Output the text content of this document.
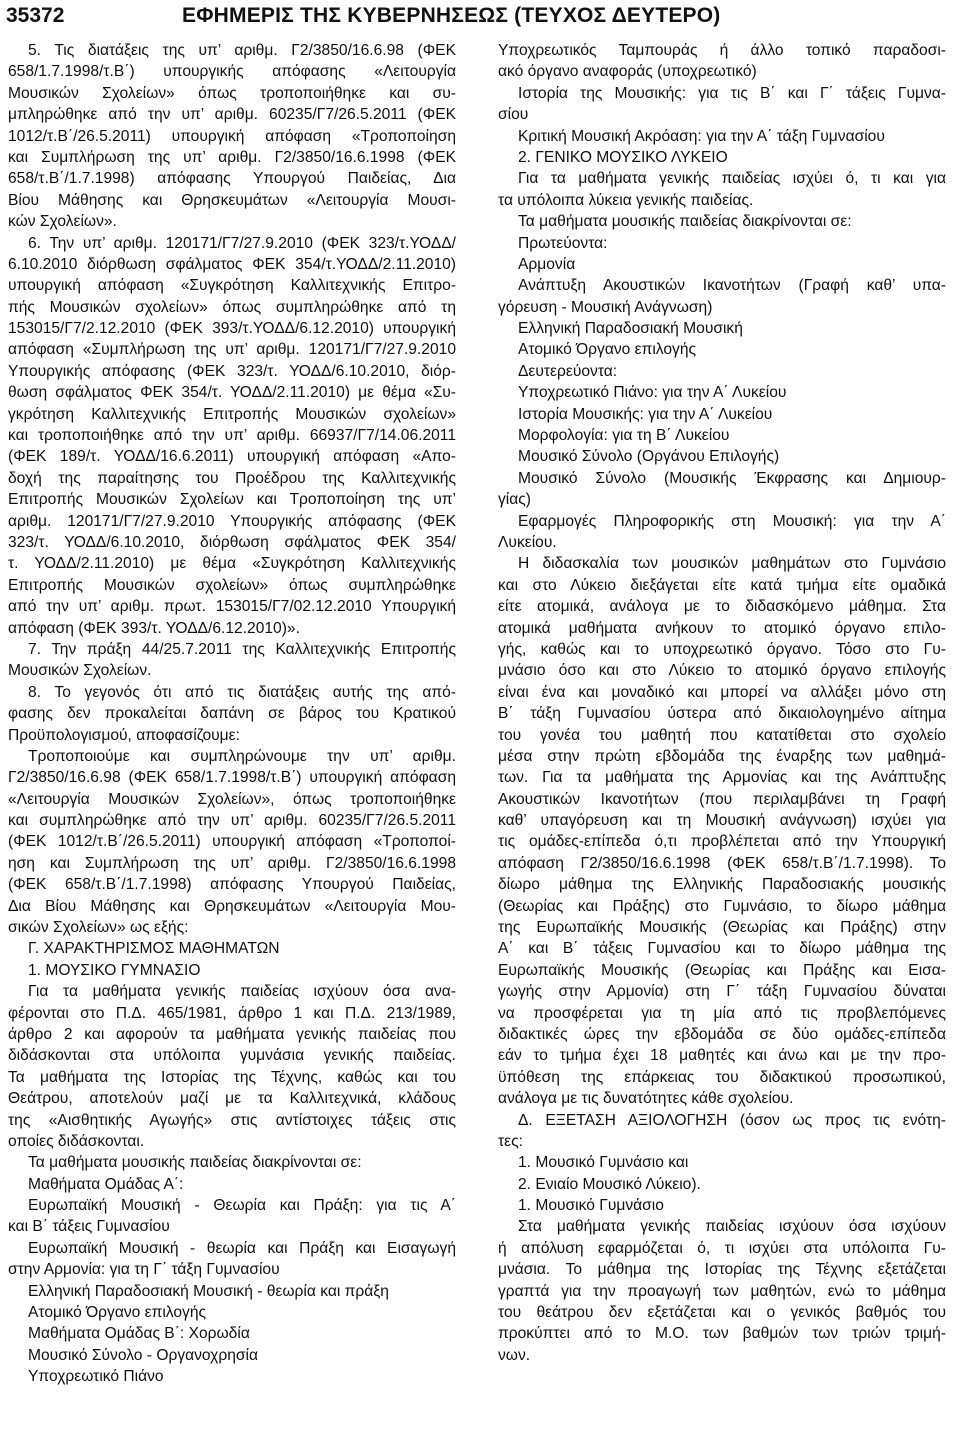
35372	ΕΦΗΜΕΡΙΣ ΤΗΣ ΚΥΒΕΡΝΗΣΕΩΣ (ΤΕΥΧΟΣ ΔΕΥΤΕΡΟ)
5. Τις διατάξεις της υπ’ αριθμ. Γ2/3850/16.6.98 (ΦΕΚ
658/1.7.1998/τ.Β΄) υπουργικής απόφασης «Λειτουργία
Μουσικών Σχολείων» όπως τροποποιήθηκε και συ-
μπληρώθηκε από την υπ’ αριθμ. 60235/Γ7/26.5.2011 (ΦΕΚ
1012/τ.Β΄/26.5.2011) υπουργική απόφαση «Τροποποίηση
και Συμπλήρωση της υπ’ αριθμ. Γ2/3850/16.6.1998 (ΦΕΚ
658/τ.Β΄/1.7.1998) απόφασης Υπουργού Παιδείας, Δια
Βίου Μάθησης και Θρησκευμάτων «Λειτουργία Μουσι-
κών Σχολείων».
6. Την υπ’ αριθμ. 120171/Γ7/27.9.2010 (ΦΕΚ 323/τ.ΥΟΔΔ/
6.10.2010 διόρθωση σφάλματος ΦΕΚ 354/τ.ΥΟΔΔ/2.11.2010)
υπουργική απόφαση «Συγκρότηση Καλλιτεχνικής Επιτρο-
πής Μουσικών σχολείων» όπως συμπληρώθηκε από τη
153015/Γ7/2.12.2010 (ΦΕΚ 393/τ.ΥΟΔΔ/6.12.2010) υπουργική
απόφαση «Συμπλήρωση της υπ’ αριθμ. 120171/Γ7/27.9.2010
Υπουργικής απόφασης (ΦΕΚ 323/τ. ΥΟΔΔ/6.10.2010, διόρ-
θωση σφάλματος ΦΕΚ 354/τ. ΥΟΔΔ/2.11.2010) με θέμα «Συ-
γκρότηση Καλλιτεχνικής Επιτροπής Μουσικών σχολείων»
και τροποποιήθηκε από την υπ’ αριθμ. 66937/Γ7/14.06.2011
(ΦΕΚ 189/τ. ΥΟΔΔ/16.6.2011) υπουργική απόφαση «Απο-
δοχή της παραίτησης του Προέδρου της Καλλιτεχνικής
Επιτροπής Μουσικών Σχολείων και Τροποποίηση της υπ’
αριθμ. 120171/Γ7/27.9.2010 Υπουργικής απόφασης (ΦΕΚ
323/τ. ΥΟΔΔ/6.10.2010, διόρθωση σφάλματος ΦΕΚ 354/
τ. ΥΟΔΔ/2.11.2010) με θέμα «Συγκρότηση Καλλιτεχνικής
Επιτροπής Μουσικών σχολείων» όπως συμπληρώθηκε
από την υπ’ αριθμ. πρωτ. 153015/Γ7/02.12.2010 Υπουργική
απόφαση (ΦΕΚ 393/τ. ΥΟΔΔ/6.12.2010)».
7. Την πράξη 44/25.7.2011 της Καλλιτεχνικής Επιτροπής
Μουσικών Σχολείων.
8. Το γεγονός ότι από τις διατάξεις αυτής της από-
φασης δεν προκαλείται δαπάνη σε βάρος του Κρατικού
Προϋπολογισμού, αποφασίζουμε:
Τροποποιούμε και συμπληρώνουμε την υπ’ αριθμ.
Γ2/3850/16.6.98 (ΦΕΚ 658/1.7.1998/τ.Β΄) υπουργική απόφαση
«Λειτουργία Μουσικών Σχολείων», όπως τροποποιήθηκε
και συμπληρώθηκε από την υπ’ αριθμ. 60235/Γ7/26.5.2011
(ΦΕΚ 1012/τ.Β΄/26.5.2011) υπουργική απόφαση «Τροποποί-
ηση και Συμπλήρωση της υπ’ αριθμ. Γ2/3850/16.6.1998
(ΦΕΚ 658/τ.Β΄/1.7.1998) απόφασης Υπουργού Παιδείας,
Δια Βίου Μάθησης και Θρησκευμάτων «Λειτουργία Μου-
σικών Σχολείων» ως εξής:
Γ. ΧΑΡΑΚΤΗΡΙΣΜΟΣ ΜΑΘΗΜΑΤΩΝ
1. ΜΟΥΣΙΚΟ ΓΥΜΝΑΣΙΟ
Για τα μαθήματα γενικής παιδείας ισχύουν όσα ανα-
φέρονται στο Π.Δ. 465/1981, άρθρο 1 και Π.Δ. 213/1989,
άρθρο 2 και αφορούν τα μαθήματα γενικής παιδείας που
διδάσκονται στα υπόλοιπα γυμνάσια γενικής παιδείας.
Τα μαθήματα της Ιστορίας της Τέχνης, καθώς και του
Θεάτρου, αποτελούν μαζί με τα Καλλιτεχνικά, κλάδους
της «Αισθητικής Αγωγής» στις αντίστοιχες τάξεις στις
οποίες διδάσκονται.
Τα μαθήματα μουσικής παιδείας διακρίνονται σε:
Μαθήματα Ομάδας Α΄:
Ευρωπαϊκή Μουσική - Θεωρία και Πράξη: για τις Α΄
και Β΄ τάξεις Γυμνασίου
Ευρωπαϊκή Μουσική - θεωρία και Πράξη και Εισαγωγή
στην Αρμονία: για τη Γ΄ τάξη Γυμνασίου
Ελληνική Παραδοσιακή Μουσική - θεωρία και πράξη
Ατομικό Όργανο επιλογής
Μαθήματα Ομάδας Β΄: Χορωδία
Μουσικό Σύνολο - Οργανοχρησία
Υποχρεωτικό Πιάνο
Υποχρεωτικός Ταμπουράς ή άλλο τοπικό παραδοσι-
ακό όργανο αναφοράς (υποχρεωτικό)
Ιστορία της Μουσικής: για τις Β΄ και Γ΄ τάξεις Γυμνα-
σίου
Κριτική Μουσική Ακρόαση: για την Α΄ τάξη Γυμνασίου
2. ΓΕΝΙΚΟ ΜΟΥΣΙΚΟ ΛΥΚΕΙΟ
Για τα μαθήματα γενικής παιδείας ισχύει ό, τι και για
τα υπόλοιπα λύκεια γενικής παιδείας.
Τα μαθήματα μουσικής παιδείας διακρίνονται σε:
Πρωτεύοντα:
Αρμονία
Ανάπτυξη Ακουστικών Ικανοτήτων (Γραφή καθ’ υπα-
γόρευση - Μουσική Ανάγνωση)
Ελληνική Παραδοσιακή Μουσική
Ατομικό Όργανο επιλογής
Δευτερεύοντα:
Υποχρεωτικό Πιάνο: για την Α΄ Λυκείου
Ιστορία Μουσικής: για την Α΄ Λυκείου
Μορφολογία: για τη Β΄ Λυκείου
Μουσικό Σύνολο (Οργάνου Επιλογής)
Μουσικό Σύνολο (Μουσικής Έκφρασης και Δημιουρ-
γίας)
Εφαρμογές Πληροφορικής στη Μουσική: για την Α΄
Λυκείου.
Η διδασκαλία των μουσικών μαθημάτων στο Γυμνάσιο
και στο Λύκειο διεξάγεται είτε κατά τμήμα είτε ομαδικά
είτε ατομικά, ανάλογα με το διδασκόμενο μάθημα. Στα
ατομικά μαθήματα ανήκουν το ατομικό όργανο επιλο-
γής, καθώς και το υποχρεωτικό όργανο. Τόσο στο Γυ-
μνάσιο όσο και στο Λύκειο το ατομικό όργανο επιλογής
είναι ένα και μοναδικό και μπορεί να αλλάξει μόνο στη
Β΄ τάξη Γυμνασίου ύστερα από δικαιολογημένο αίτημα
του γονέα του μαθητή που κατατίθεται στο σχολείο
μέσα στην πρώτη εβδομάδα της έναρξης των μαθημά-
των. Για τα μαθήματα της Αρμονίας και της Ανάπτυξης
Ακουστικών Ικανοτήτων (που περιλαμβάνει τη Γραφή
καθ’ υπαγόρευση και τη Μουσική ανάγνωση) ισχύει για
τις ομάδες-επίπεδα ό,τι προβλέπεται από την Υπουργική
απόφαση Γ2/3850/16.6.1998 (ΦΕΚ 658/τ.Β΄/1.7.1998). Το
δίωρο μάθημα της Ελληνικής Παραδοσιακής μουσικής
(Θεωρίας και Πράξης) στο Γυμνάσιο, το δίωρο μάθημα
της Ευρωπαϊκής Μουσικής (Θεωρίας και Πράξης) στην
Α΄ και Β΄ τάξεις Γυμνασίου και το δίωρο μάθημα της
Ευρωπαϊκής Μουσικής (Θεωρίας και Πράξης και Εισα-
γωγής στην Αρμονία) στη Γ΄ τάξη Γυμνασίου δύναται
να προσφέρεται για τη μία από τις προβλεπόμενες
διδακτικές ώρες την εβδομάδα σε δύο ομάδες-επίπεδα
εάν το τμήμα έχει 18 μαθητές και άνω και με την προ-
ϋπόθεση της επάρκειας του διδακτικού προσωπικού,
ανάλογα με τις δυνατότητες κάθε σχολείου.
Δ. ΕΞΕΤΑΣΗ ΑΞΙΟΛΟΓΗΣΗ (όσον ως προς τις ενότη-
τες:
1. Μουσικό Γυμνάσιο και
2. Ενιαίο Μουσικό Λύκειο).
1. Μουσικό Γυμνάσιο
Στα μαθήματα γενικής παιδείας ισχύουν όσα ισχύουν
ή απόλυση εφαρμόζεται ό, τι ισχύει στα υπόλοιπα Γυ-
μνάσια. Το μάθημα της Ιστορίας της Τέχνης εξετάζεται
γραπτά για την προαγωγή των μαθητών, ενώ το μάθημα
του θεάτρου δεν εξετάζεται και ο γενικός βαθμός του
προκύπτει από το Μ.Ο. των βαθμών των τριών τριμή-
νων.
